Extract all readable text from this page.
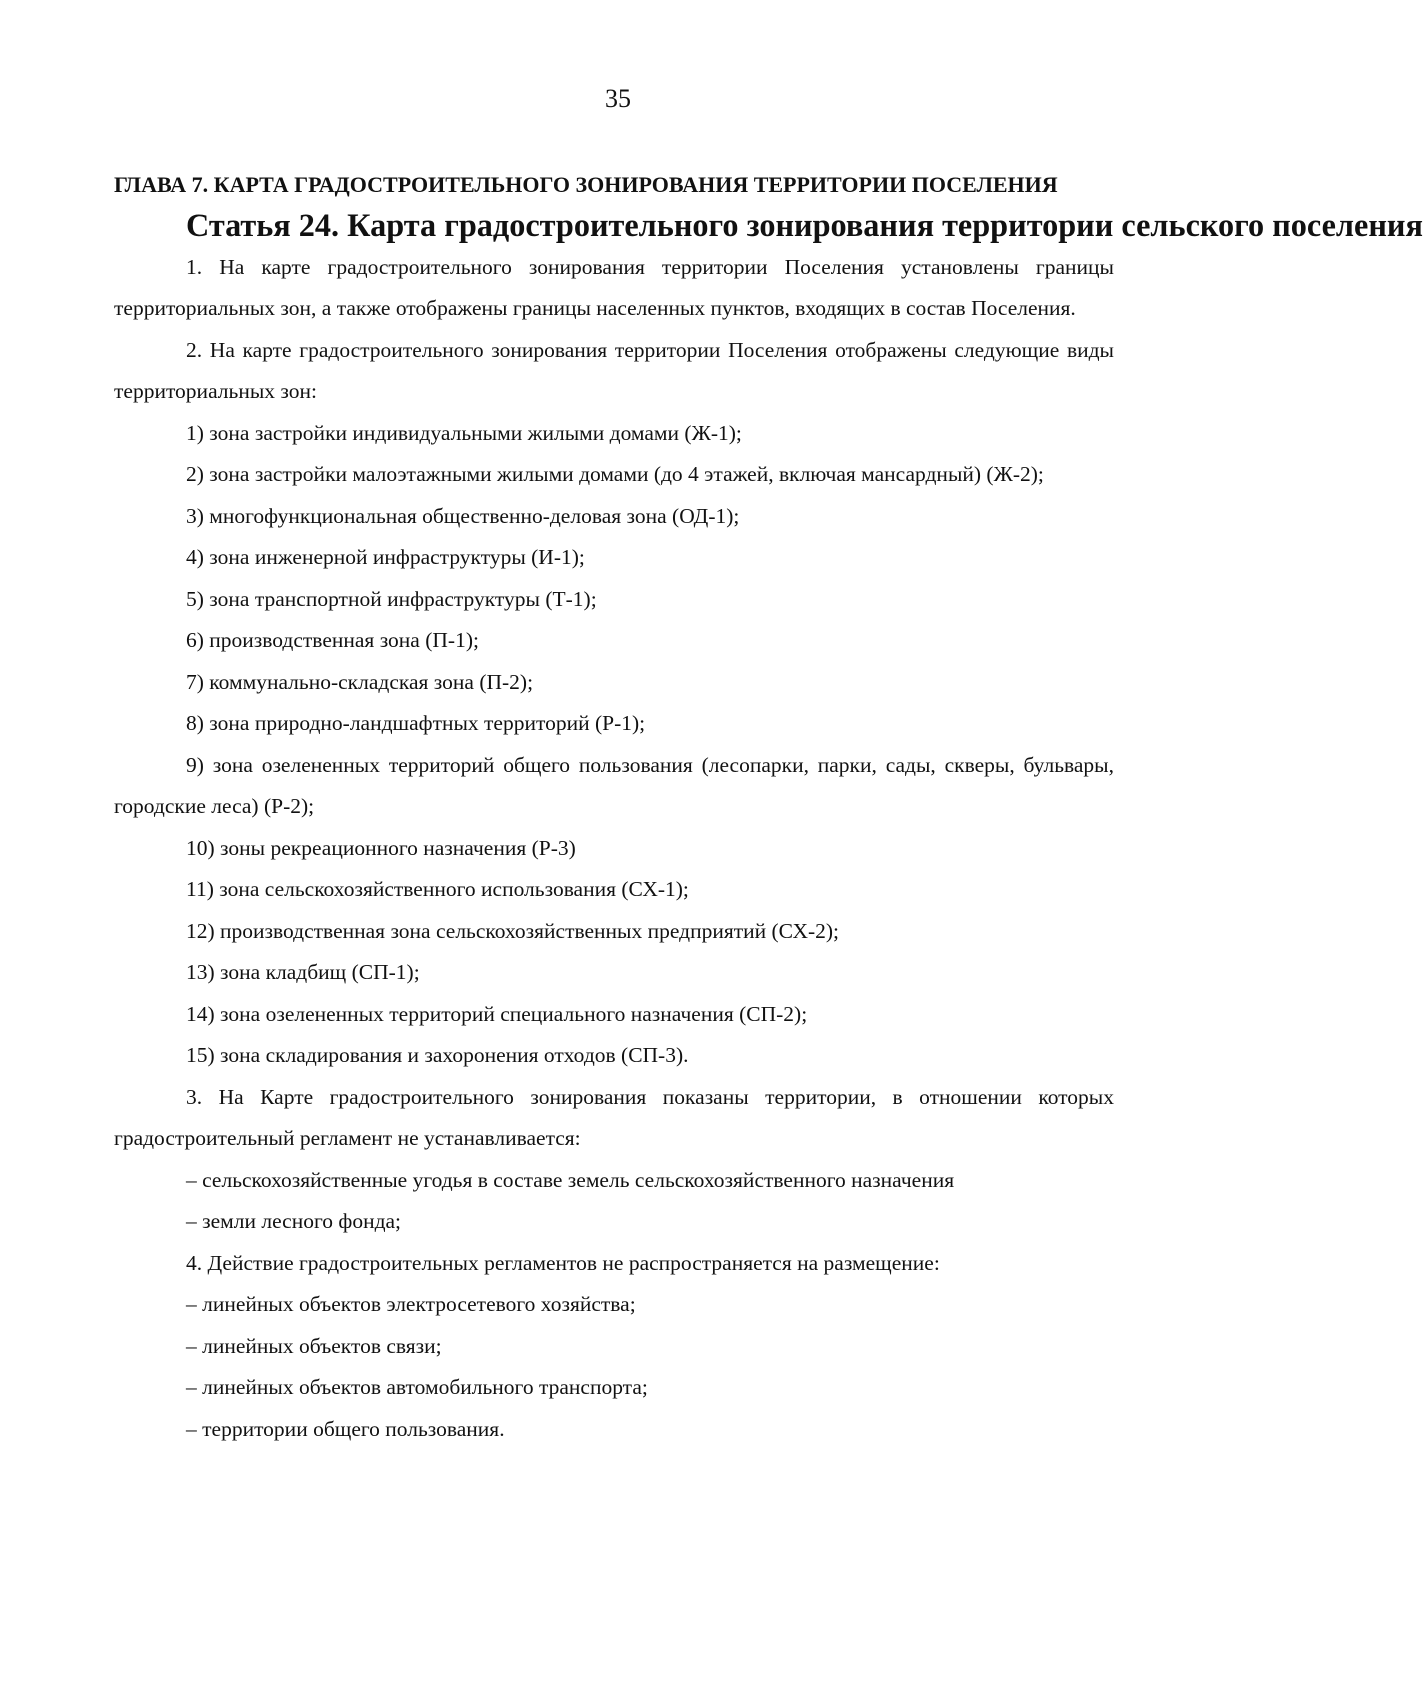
35
ГЛАВА 7. КАРТА ГРАДОСТРОИТЕЛЬНОГО ЗОНИРОВАНИЯ ТЕРРИТОРИИ ПОСЕЛЕНИЯ
Статья 24. Карта градостроительного зонирования территории сельского поселения

1. На карте градостроительного зонирования территории Поселения установлены границы территориальных зон, а также отображены границы населенных пунктов, входящих в состав Поселения.

2. На карте градостроительного зонирования территории Поселения отображены следующие виды территориальных зон:

1) зона застройки индивидуальными жилыми домами (Ж-1);

2) зона застройки малоэтажными жилыми домами (до 4 этажей, включая мансардный) (Ж-2);

3) многофункциональная общественно-деловая зона (ОД-1);

4) зона инженерной инфраструктуры (И-1);

5) зона транспортной инфраструктуры (Т-1);

6) производственная зона (П-1);

7) коммунально-складская зона (П-2);

8) зона природно-ландшафтных территорий (Р-1);

9) зона озелененных территорий общего пользования (лесопарки, парки, сады, скверы, бульвары, городские леса) (Р-2);

10) зоны рекреационного назначения (Р-3)

11) зона сельскохозяйственного использования (СХ-1);

12) производственная зона сельскохозяйственных предприятий (СХ-2);

13) зона кладбищ (СП-1);

14) зона озелененных территорий специального назначения (СП-2);

15) зона складирования и захоронения отходов (СП-3).

3. На Карте градостроительного зонирования показаны территории, в отношении которых градостроительный регламент не устанавливается:

– сельскохозяйственные угодья в составе земель сельскохозяйственного назначения

– земли лесного фонда;

4. Действие градостроительных регламентов не распространяется на размещение:

– линейных объектов электросетевого хозяйства;

– линейных объектов связи;

– линейных объектов автомобильного транспорта;

– территории общего пользования.
